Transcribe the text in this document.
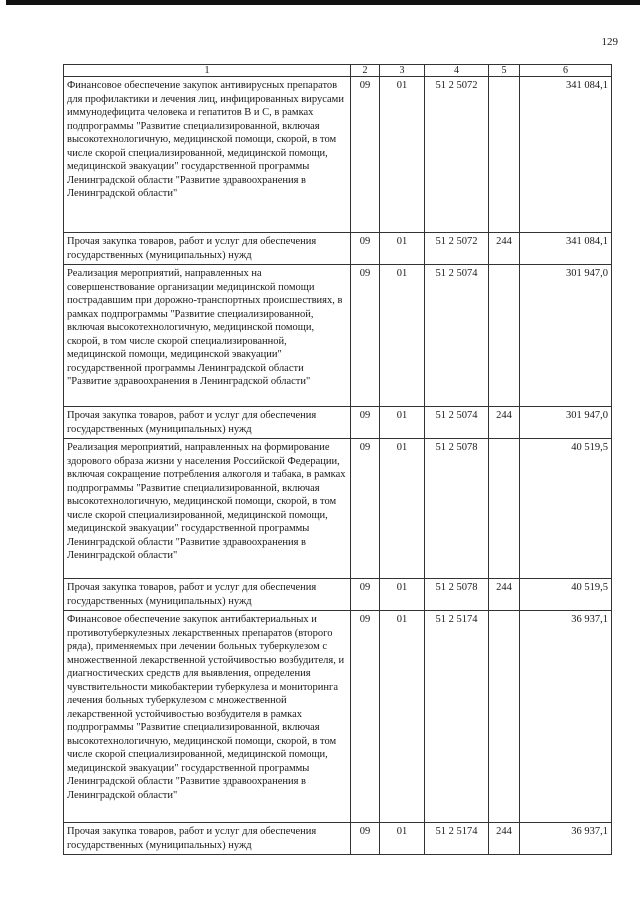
129
1	2	3	4	5	6
Финансовое обеспечение закупок антивирусных препаратов для профилактики и лечения лиц, инфицированных вирусами иммунодефицита человека и гепатитов В и С, в рамках подпрограммы "Развитие специализированной, включая высокотехнологичную, медицинской помощи, скорой, в том числе скорой специализированной, медицинской помощи, медицинской эвакуации" государственной программы Ленинградской области "Развитие здравоохранения в Ленинградской области"	09	01	51 2 5072		341 084,1
Прочая закупка товаров, работ и услуг для обеспечения государственных (муниципальных) нужд	09	01	51 2 5072	244	341 084,1
Реализация мероприятий, направленных на совершенствование организации медицинской помощи пострадавшим при дорожно-транспортных происшествиях, в рамках подпрограммы "Развитие специализированной, включая высокотехнологичную, медицинской помощи, скорой, в том числе скорой специализированной, медицинской помощи, медицинской эвакуации" государственной программы Ленинградской области "Развитие здравоохранения в Ленинградской области"	09	01	51 2 5074		301 947,0
Прочая закупка товаров, работ и услуг для обеспечения государственных (муниципальных) нужд	09	01	51 2 5074	244	301 947,0
Реализация мероприятий, направленных на формирование здорового образа жизни у населения Российской Федерации, включая сокращение потребления алкоголя и табака, в рамках подпрограммы "Развитие специализированной, включая высокотехнологичную, медицинской помощи, скорой, в том числе скорой специализированной, медицинской помощи, медицинской эвакуации" государственной программы Ленинградской области "Развитие здравоохранения в Ленинградской области"	09	01	51 2 5078		40 519,5
Прочая закупка товаров, работ и услуг для обеспечения государственных (муниципальных) нужд	09	01	51 2 5078	244	40 519,5
Финансовое обеспечение закупок антибактериальных и противотуберкулезных лекарственных препаратов (второго ряда), применяемых при лечении больных туберкулезом с множественной лекарственной устойчивостью возбудителя, и диагностических средств для выявления, определения чувствительности микобактерии туберкулеза и мониторинга лечения больных туберкулезом с множественной лекарственной устойчивостью возбудителя в рамках подпрограммы "Развитие специализированной, включая высокотехнологичную, медицинской помощи, скорой, в том числе скорой специализированной, медицинской помощи, медицинской эвакуации" государственной программы Ленинградской области "Развитие здравоохранения в Ленинградской области"	09	01	51 2 5174		36 937,1
Прочая закупка товаров, работ и услуг для обеспечения государственных (муниципальных) нужд	09	01	51 2 5174	244	36 937,1
